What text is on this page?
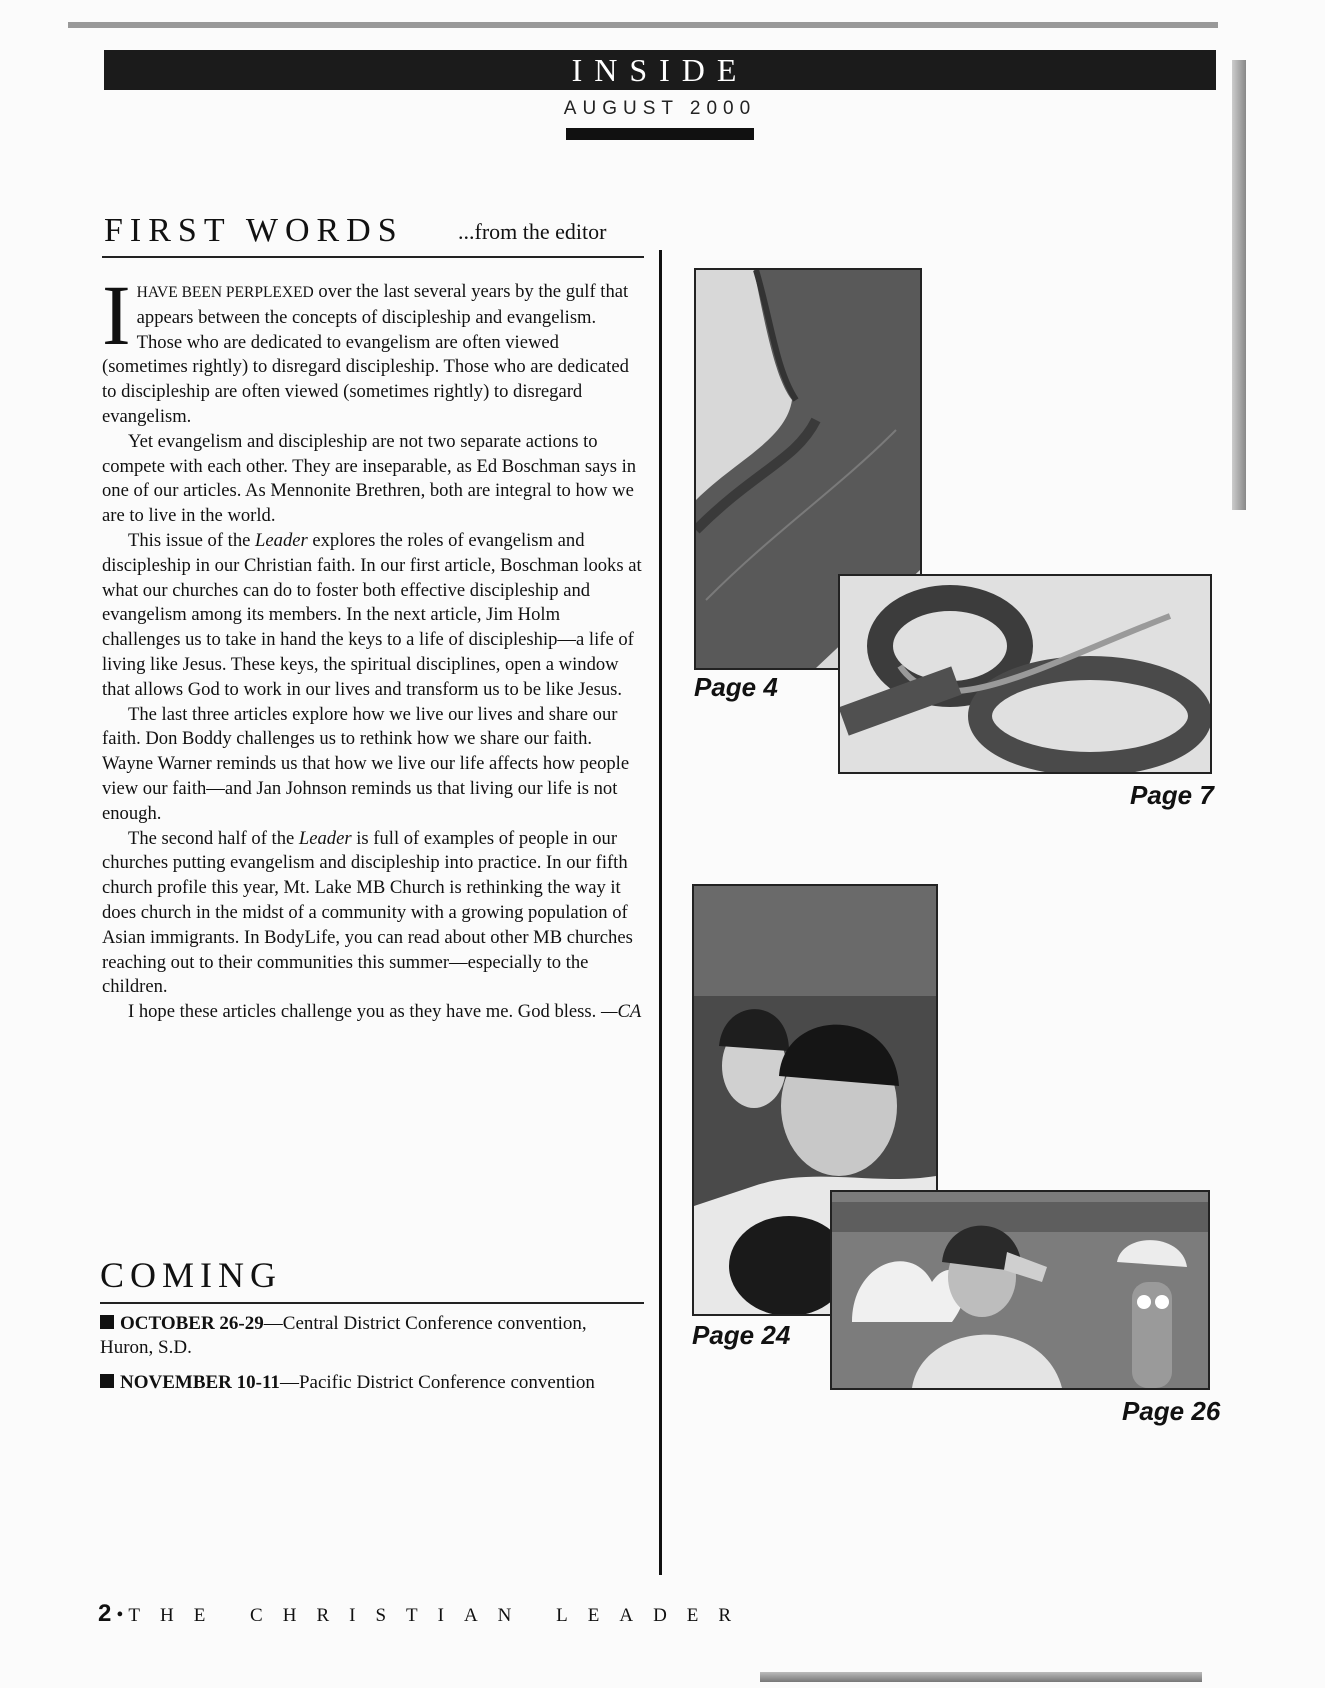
INSIDE
AUGUST 2000
FIRST WORDS ...from the editor

IHAVE BEEN PERPLEXED over the last several years by the gulf that appears between the concepts of discipleship and evangelism. Those who are dedicated to evangelism are often viewed (sometimes rightly) to disregard discipleship. Those who are dedicated to discipleship are often viewed (sometimes rightly) to disregard evangelism.

Yet evangelism and discipleship are not two separate actions to compete with each other. They are inseparable, as Ed Boschman says in one of our articles. As Mennonite Brethren, both are integral to how we are to live in the world.

This issue of the Leader explores the roles of evangelism and discipleship in our Christian faith. In our first article, Boschman looks at what our churches can do to foster both effective discipleship and evangelism among its members. In the next article, Jim Holm challenges us to take in hand the keys to a life of discipleship—a life of living like Jesus. These keys, the spiritual disciplines, open a window that allows God to work in our lives and transform us to be like Jesus.

The last three articles explore how we live our lives and share our faith. Don Boddy challenges us to rethink how we share our faith. Wayne Warner reminds us that how we live our life affects how people view our faith—and Jan Johnson reminds us that living our life is not enough.

The second half of the Leader is full of examples of people in our churches putting evangelism and discipleship into practice. In our fifth church profile this year, Mt. Lake MB Church is rethinking the way it does church in the midst of a community with a growing population of Asian immigrants. In BodyLife, you can read about other MB churches reaching out to their communities this summer—especially to the children.

I hope these articles challenge you as they have me. God bless. —CA

COMING
OCTOBER 26-29—Central District Conference convention, Huron, S.D.
NOVEMBER 10-11—Pacific District Conference convention
2 • THE CHRISTIAN LEADER
Page 4
Page 7
Page 24
Page 26
